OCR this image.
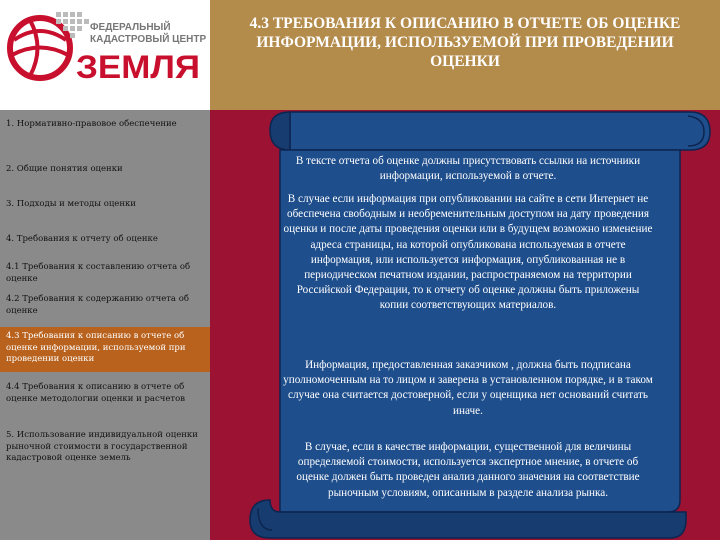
ФЕДЕРАЛЬНЫЙ
КАДАСТРОВЫЙ ЦЕНТР
ЗЕМЛЯ
4.3 ТРЕБОВАНИЯ К ОПИСАНИЮ В ОТЧЕТЕ ОБ ОЦЕНКЕ ИНФОРМАЦИИ, ИСПОЛЬЗУЕМОЙ ПРИ ПРОВЕДЕНИИ ОЦЕНКИ
1. Нормативно-правовое обеспечение
2. Общие понятия оценки
3. Подходы и методы оценки
4. Требования к отчету об оценке
4.1 Требования к составлению отчета об оценке
4.2 Требования к содержанию отчета об оценке
4.3 Требования к описанию в отчете об оценке информации, используемой при проведении оценки
4.4 Требования к описанию в отчете об оценке методологии оценки и расчетов
5. Использование индивидуальной оценки рыночной стоимости в государственной кадастровой оценке земель
В тексте отчета об оценке должны присутствовать ссылки на источники информации, используемой в отчете.
В случае если информация при опубликовании на сайте в сети Интернет не обеспечена свободным и необременительным доступом на дату проведения оценки и после даты проведения оценки или в будущем возможно изменение адреса страницы, на которой опубликована используемая в отчете информация, или используется информация, опубликованная не в периодическом печатном издании, распространяемом на территории Российской Федерации, то к отчету об оценке должны быть приложены копии соответствующих материалов.
Информация, предоставленная заказчиком , должна быть подписана уполномоченным на то лицом и заверена в установленном порядке, и в таком случае она считается достоверной, если у оценщика нет оснований считать иначе.
В случае, если в качестве информации, существенной для величины определяемой стоимости, используется экспертное мнение, в отчете об оценке должен быть проведен анализ данного значения на соответствие рыночным условиям, описанным в разделе анализа рынка.
